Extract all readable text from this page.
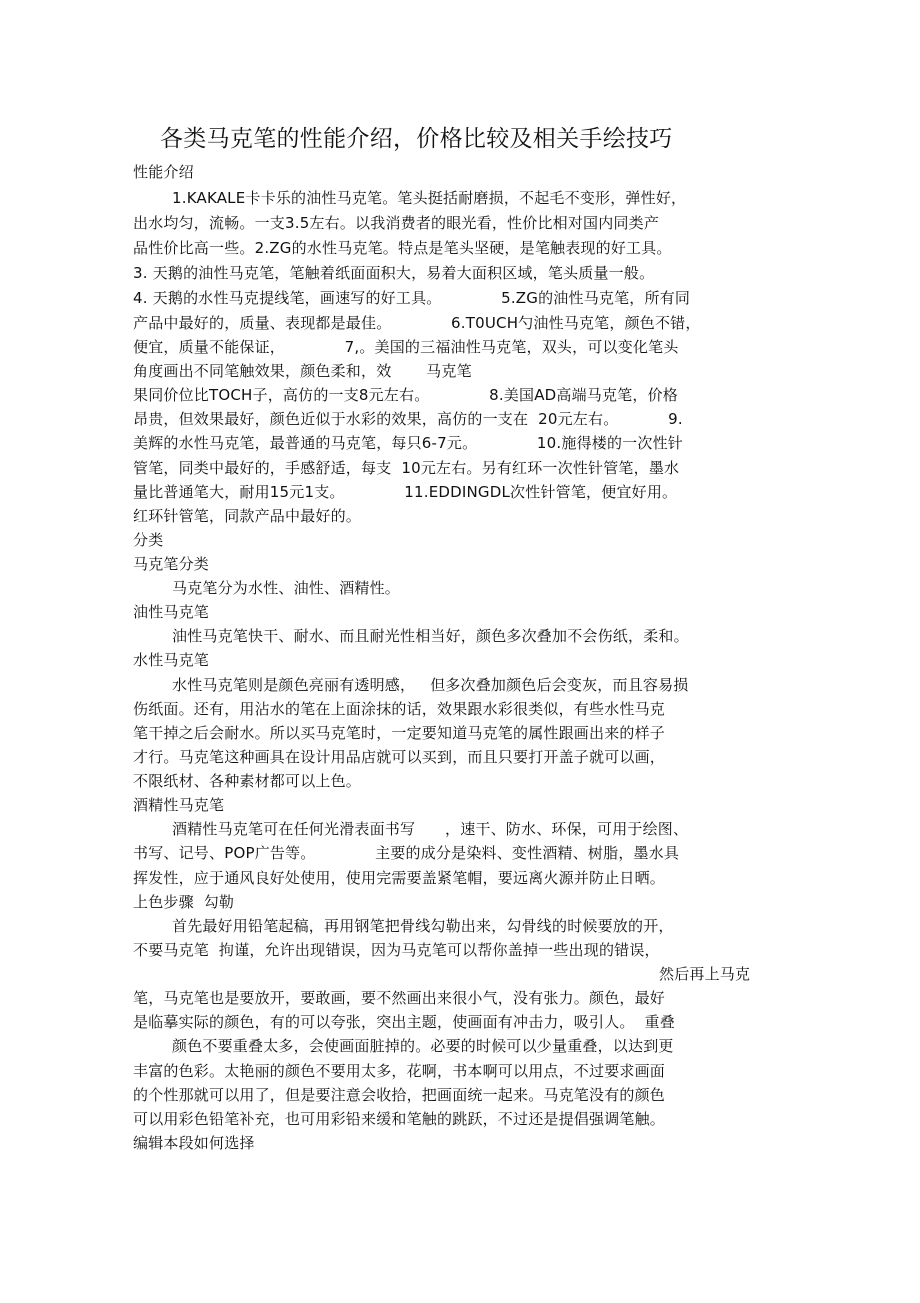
各类马克笔的性能介绍，价格比较及相关手绘技巧
性能介绍
1.KAKALE卡卡乐的油性马克笔。笔头挺括耐磨损，不起毛不变形，弹性好，
出水均匀，流畅。一支3.5左右。以我消费者的眼光看，性价比相对国内同类产
品性价比高一些。2.ZG的水性马克笔。特点是笔头坚硬，是笔触表现的好工具。
3. 天鹅的油性马克笔，笔触着纸面面积大，易着大面积区域，笔头质量一般。
4. 天鹅的水性马克提线笔，画速写的好工具。            5.ZG的油性马克笔，所有同
产品中最好的，质量、表现都是最佳。            6.T0UCH勺油性马克笔，颜色不错，
便宜，质量不能保证，            7,。美国的三福油性马克笔，双头，可以变化笔头
角度画出不同笔触效果，颜色柔和，效       马克笔
果同价位比TOCH子，高仿的一支8元左右。            8.美国AD高端马克笔，价格
昂贵，但效果最好，颜色近似于水彩的效果，高仿的一支在  20元左右。          9.
美辉的水性马克笔，最普通的马克笔，每只6-7元。            10.施得楼的一次性针
管笔，同类中最好的，手感舒适，每支  10元左右。另有红环一次性针管笔，墨水
量比普通笔大，耐用15元1支。            11.EDDINGDL次性针管笔，便宜好用。
红环针管笔，同款产品中最好的。
分类
马克笔分类
马克笔分为水性、油性、酒精性。
油性马克笔
油性马克笔快干、耐水、而且耐光性相当好，颜色多次叠加不会伤纸，柔和。
水性马克笔
水性马克笔则是颜色亮丽有透明感，   但多次叠加颜色后会变灰，而且容易损
伤纸面。还有，用沾水的笔在上面涂抹的话，效果跟水彩很类似，有些水性马克
笔干掉之后会耐水。所以买马克笔时，一定要知道马克笔的属性跟画出来的样子
才行。马克笔这种画具在设计用品店就可以买到，而且只要打开盖子就可以画，
不限纸材、各种素材都可以上色。
酒精性马克笔
酒精性马克笔可在任何光滑表面书写      ，速干、防水、环保，可用于绘图、
书写、记号、POP广告等。            主要的成分是染料、变性酒精、树脂，墨水具
挥发性，应于通风良好处使用，使用完需要盖紧笔帽，要远离火源并防止日晒。
上色步骤  勾勒
首先最好用铅笔起稿，再用钢笔把骨线勾勒出来，勾骨线的时候要放的开，
不要马克笔  拘谨，允许出现错误，因为马克笔可以帮你盖掉一些出现的错误，
然后再上马克
笔，马克笔也是要放开，要敢画，要不然画出来很小气，没有张力。颜色，最好
是临摹实际的颜色，有的可以夸张，突出主题，使画面有冲击力，吸引人。  重叠
颜色不要重叠太多，会使画面脏掉的。必要的时候可以少量重叠，以达到更
丰富的色彩。太艳丽的颜色不要用太多，花啊，书本啊可以用点，不过要求画面
的个性那就可以用了，但是要注意会收拾，把画面统一起来。马克笔没有的颜色
可以用彩色铅笔补充，也可用彩铅来缓和笔触的跳跃，不过还是提倡强调笔触。
编辑本段如何选择
